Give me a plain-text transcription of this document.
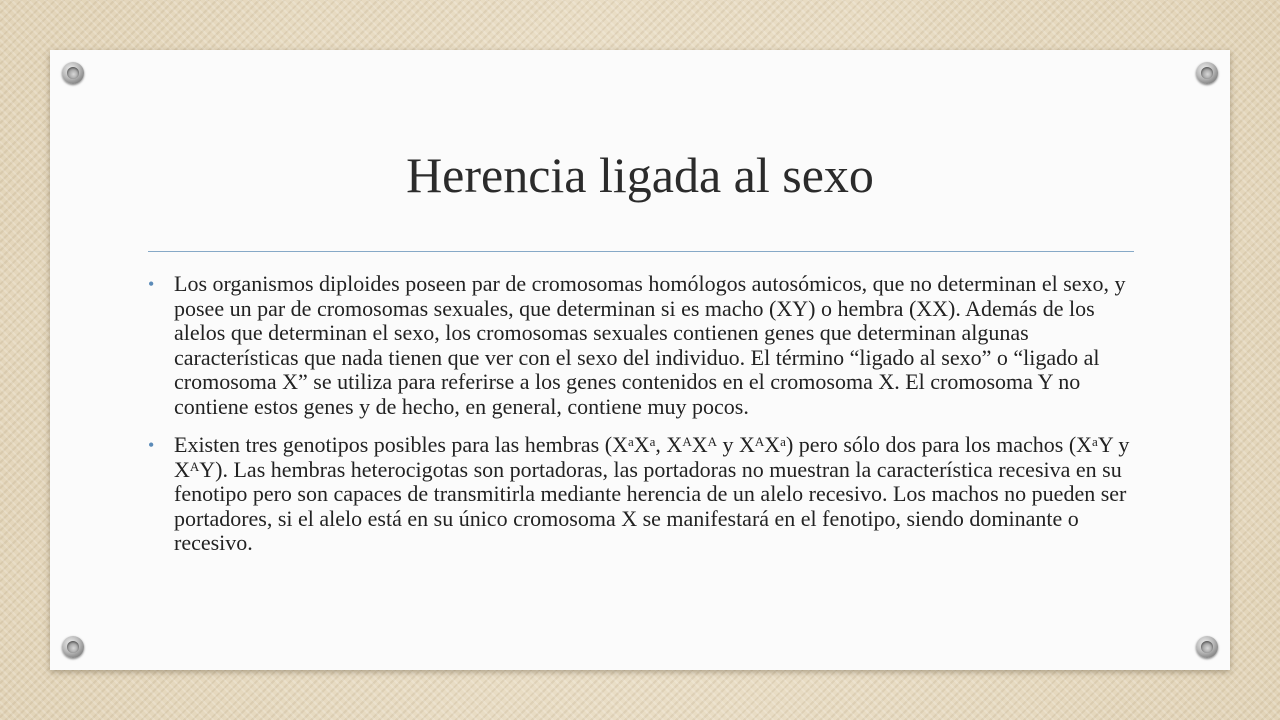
Herencia ligada al sexo
• Los organismos diploides poseen par de cromosomas homólogos autosómicos, que no determinan el sexo, y posee un par de cromosomas sexuales, que determinan si es macho (XY) o hembra (XX). Además de los alelos que determinan el sexo, los cromosomas sexuales contienen genes que determinan algunas características que nada tienen que ver con el sexo del individuo. El término “ligado al sexo” o “ligado al cromosoma X” se utiliza para referirse a los genes contenidos en el cromosoma X. El cromosoma Y no contiene estos genes y de hecho, en general, contiene muy pocos.
• Existen tres genotipos posibles para las hembras ($X^aX^a$, $X^AX^A$ y $X^AX^a$) pero sólo dos para los machos ($X^aY$ y $X^AY$). Las hembras heterocigotas son portadoras, las portadoras no muestran la característica recesiva en su fenotipo pero son capaces de transmitirla mediante herencia de un alelo recesivo. Los machos no pueden ser portadores, si el alelo está en su único cromosoma X se manifestará en el fenotipo, siendo dominante o recesivo.
